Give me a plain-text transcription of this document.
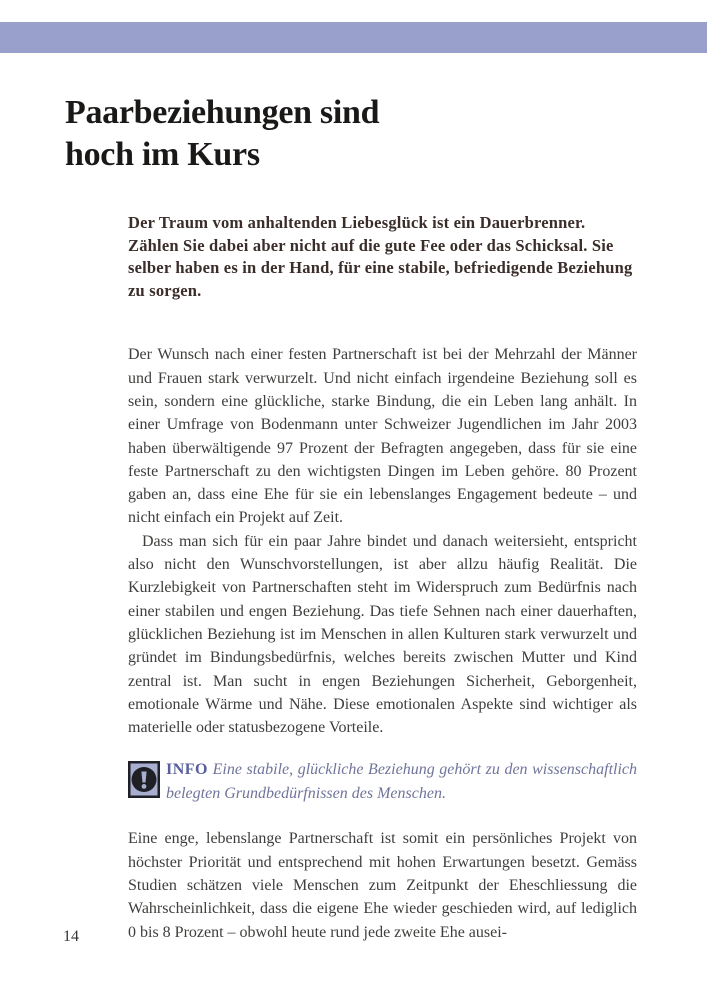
Paarbeziehungen sind
hoch im Kurs

Der Traum vom anhaltenden Liebesglück ist ein Dauerbrenner. Zählen Sie dabei aber nicht auf die gute Fee oder das Schicksal. Sie selber haben es in der Hand, für eine stabile, befriedigende Beziehung zu sorgen.

Der Wunsch nach einer festen Partnerschaft ist bei der Mehrzahl der Männer und Frauen stark verwurzelt. Und nicht einfach irgendeine Beziehung soll es sein, sondern eine glückliche, starke Bindung, die ein Leben lang anhält. In einer Umfrage von Bodenmann unter Schweizer Jugendlichen im Jahr 2003 haben überwältigende 97 Prozent der Befragten angegeben, dass für sie eine feste Partnerschaft zu den wichtigsten Dingen im Leben gehöre. 80 Prozent gaben an, dass eine Ehe für sie ein lebenslanges Engagement bedeute – und nicht einfach ein Projekt auf Zeit.

Dass man sich für ein paar Jahre bindet und danach weitersieht, entspricht also nicht den Wunschvorstellungen, ist aber allzu häufig Realität. Die Kurzlebigkeit von Partnerschaften steht im Widerspruch zum Bedürfnis nach einer stabilen und engen Beziehung. Das tiefe Sehnen nach einer dauerhaften, glücklichen Beziehung ist im Menschen in allen Kulturen stark verwurzelt und gründet im Bindungsbedürfnis, welches bereits zwischen Mutter und Kind zentral ist. Man sucht in engen Beziehungen Sicherheit, Geborgenheit, emotionale Wärme und Nähe. Diese emotionalen Aspekte sind wichtiger als materielle oder statusbezogene Vorteile.

INFO Eine stabile, glückliche Beziehung gehört zu den wissenschaftlich belegten Grundbedürfnissen des Menschen.

Eine enge, lebenslange Partnerschaft ist somit ein persönliches Projekt von höchster Priorität und entsprechend mit hohen Erwartungen besetzt. Gemäss Studien schätzen viele Menschen zum Zeitpunkt der Eheschliessung die Wahrscheinlichkeit, dass die eigene Ehe wieder geschieden wird, auf lediglich 0 bis 8 Prozent – obwohl heute rund jede zweite Ehe ausei-

14
